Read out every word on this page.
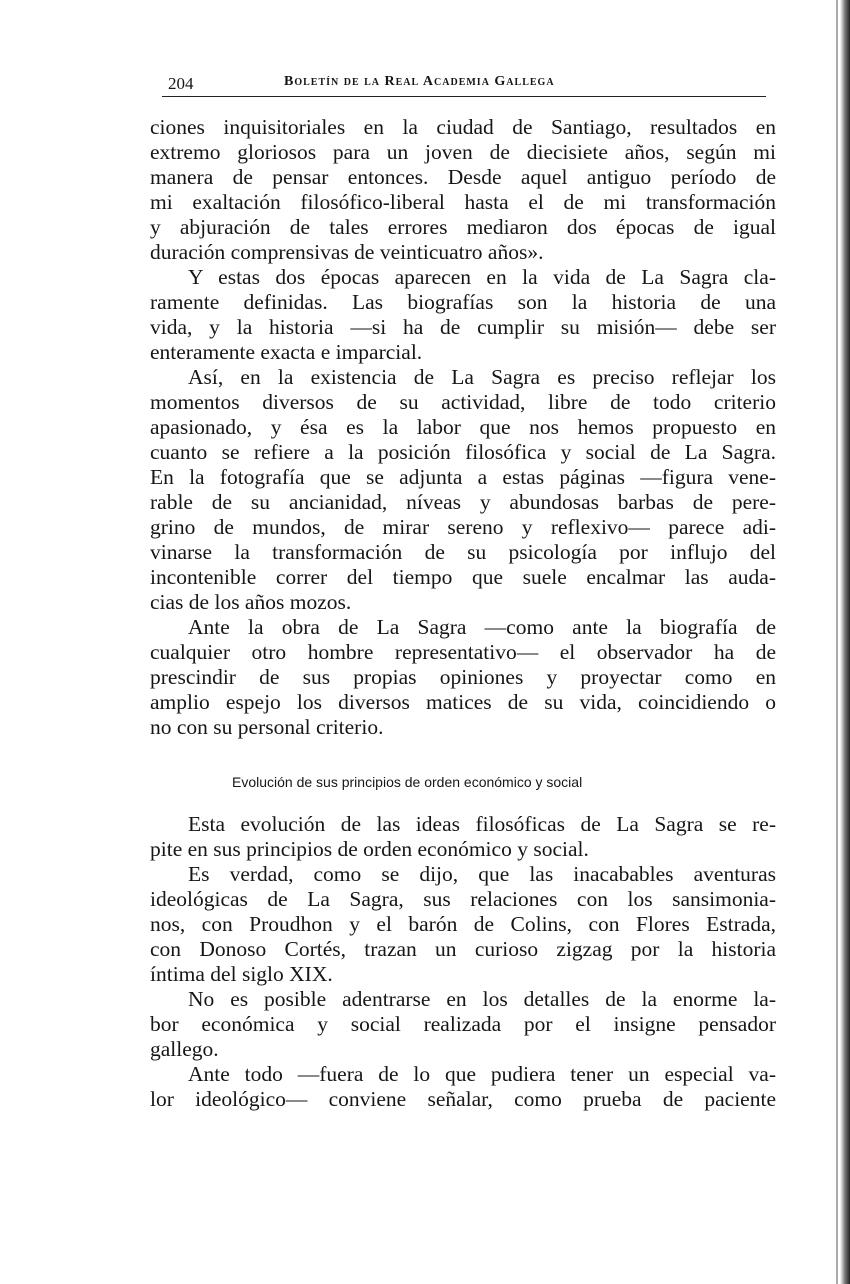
204	Boletín de la Real Academia Gallega
ciones inquisitoriales en la ciudad de Santiago, resultados en
extremo gloriosos para un joven de diecisiete años, según mi
manera de pensar entonces. Desde aquel antiguo período de
mi exaltación filosófico-liberal hasta el de mi transformación
y abjuración de tales errores mediaron dos épocas de igual
duración comprensivas de veinticuatro años».
Y estas dos épocas aparecen en la vida de La Sagra cla-
ramente definidas. Las biografías son la historia de una
vida, y la historia —si ha de cumplir su misión— debe ser
enteramente exacta e imparcial.
Así, en la existencia de La Sagra es preciso reflejar los
momentos diversos de su actividad, libre de todo criterio
apasionado, y ésa es la labor que nos hemos propuesto en
cuanto se refiere a la posición filosófica y social de La Sagra.
En la fotografía que se adjunta a estas páginas —figura vene-
rable de su ancianidad, níveas y abundosas barbas de pere-
grino de mundos, de mirar sereno y reflexivo— parece adi-
vinarse la transformación de su psicología por influjo del
incontenible correr del tiempo que suele encalmar las auda-
cias de los años mozos.
Ante la obra de La Sagra —como ante la biografía de
cualquier otro hombre representativo— el observador ha de
prescindir de sus propias opiniones y proyectar como en
amplio espejo los diversos matices de su vida, coincidiendo o
no con su personal criterio.
Evolución de sus principios de orden económico y social
Esta evolución de las ideas filosóficas de La Sagra se re-
pite en sus principios de orden económico y social.
Es verdad, como se dijo, que las inacabables aventuras
ideológicas de La Sagra, sus relaciones con los sansimonia-
nos, con Proudhon y el barón de Colins, con Flores Estrada,
con Donoso Cortés, trazan un curioso zigzag por la historia
íntima del siglo XIX.
No es posible adentrarse en los detalles de la enorme la-
bor económica y social realizada por el insigne pensador
gallego.
Ante todo —fuera de lo que pudiera tener un especial va-
lor ideológico— conviene señalar, como prueba de paciente
